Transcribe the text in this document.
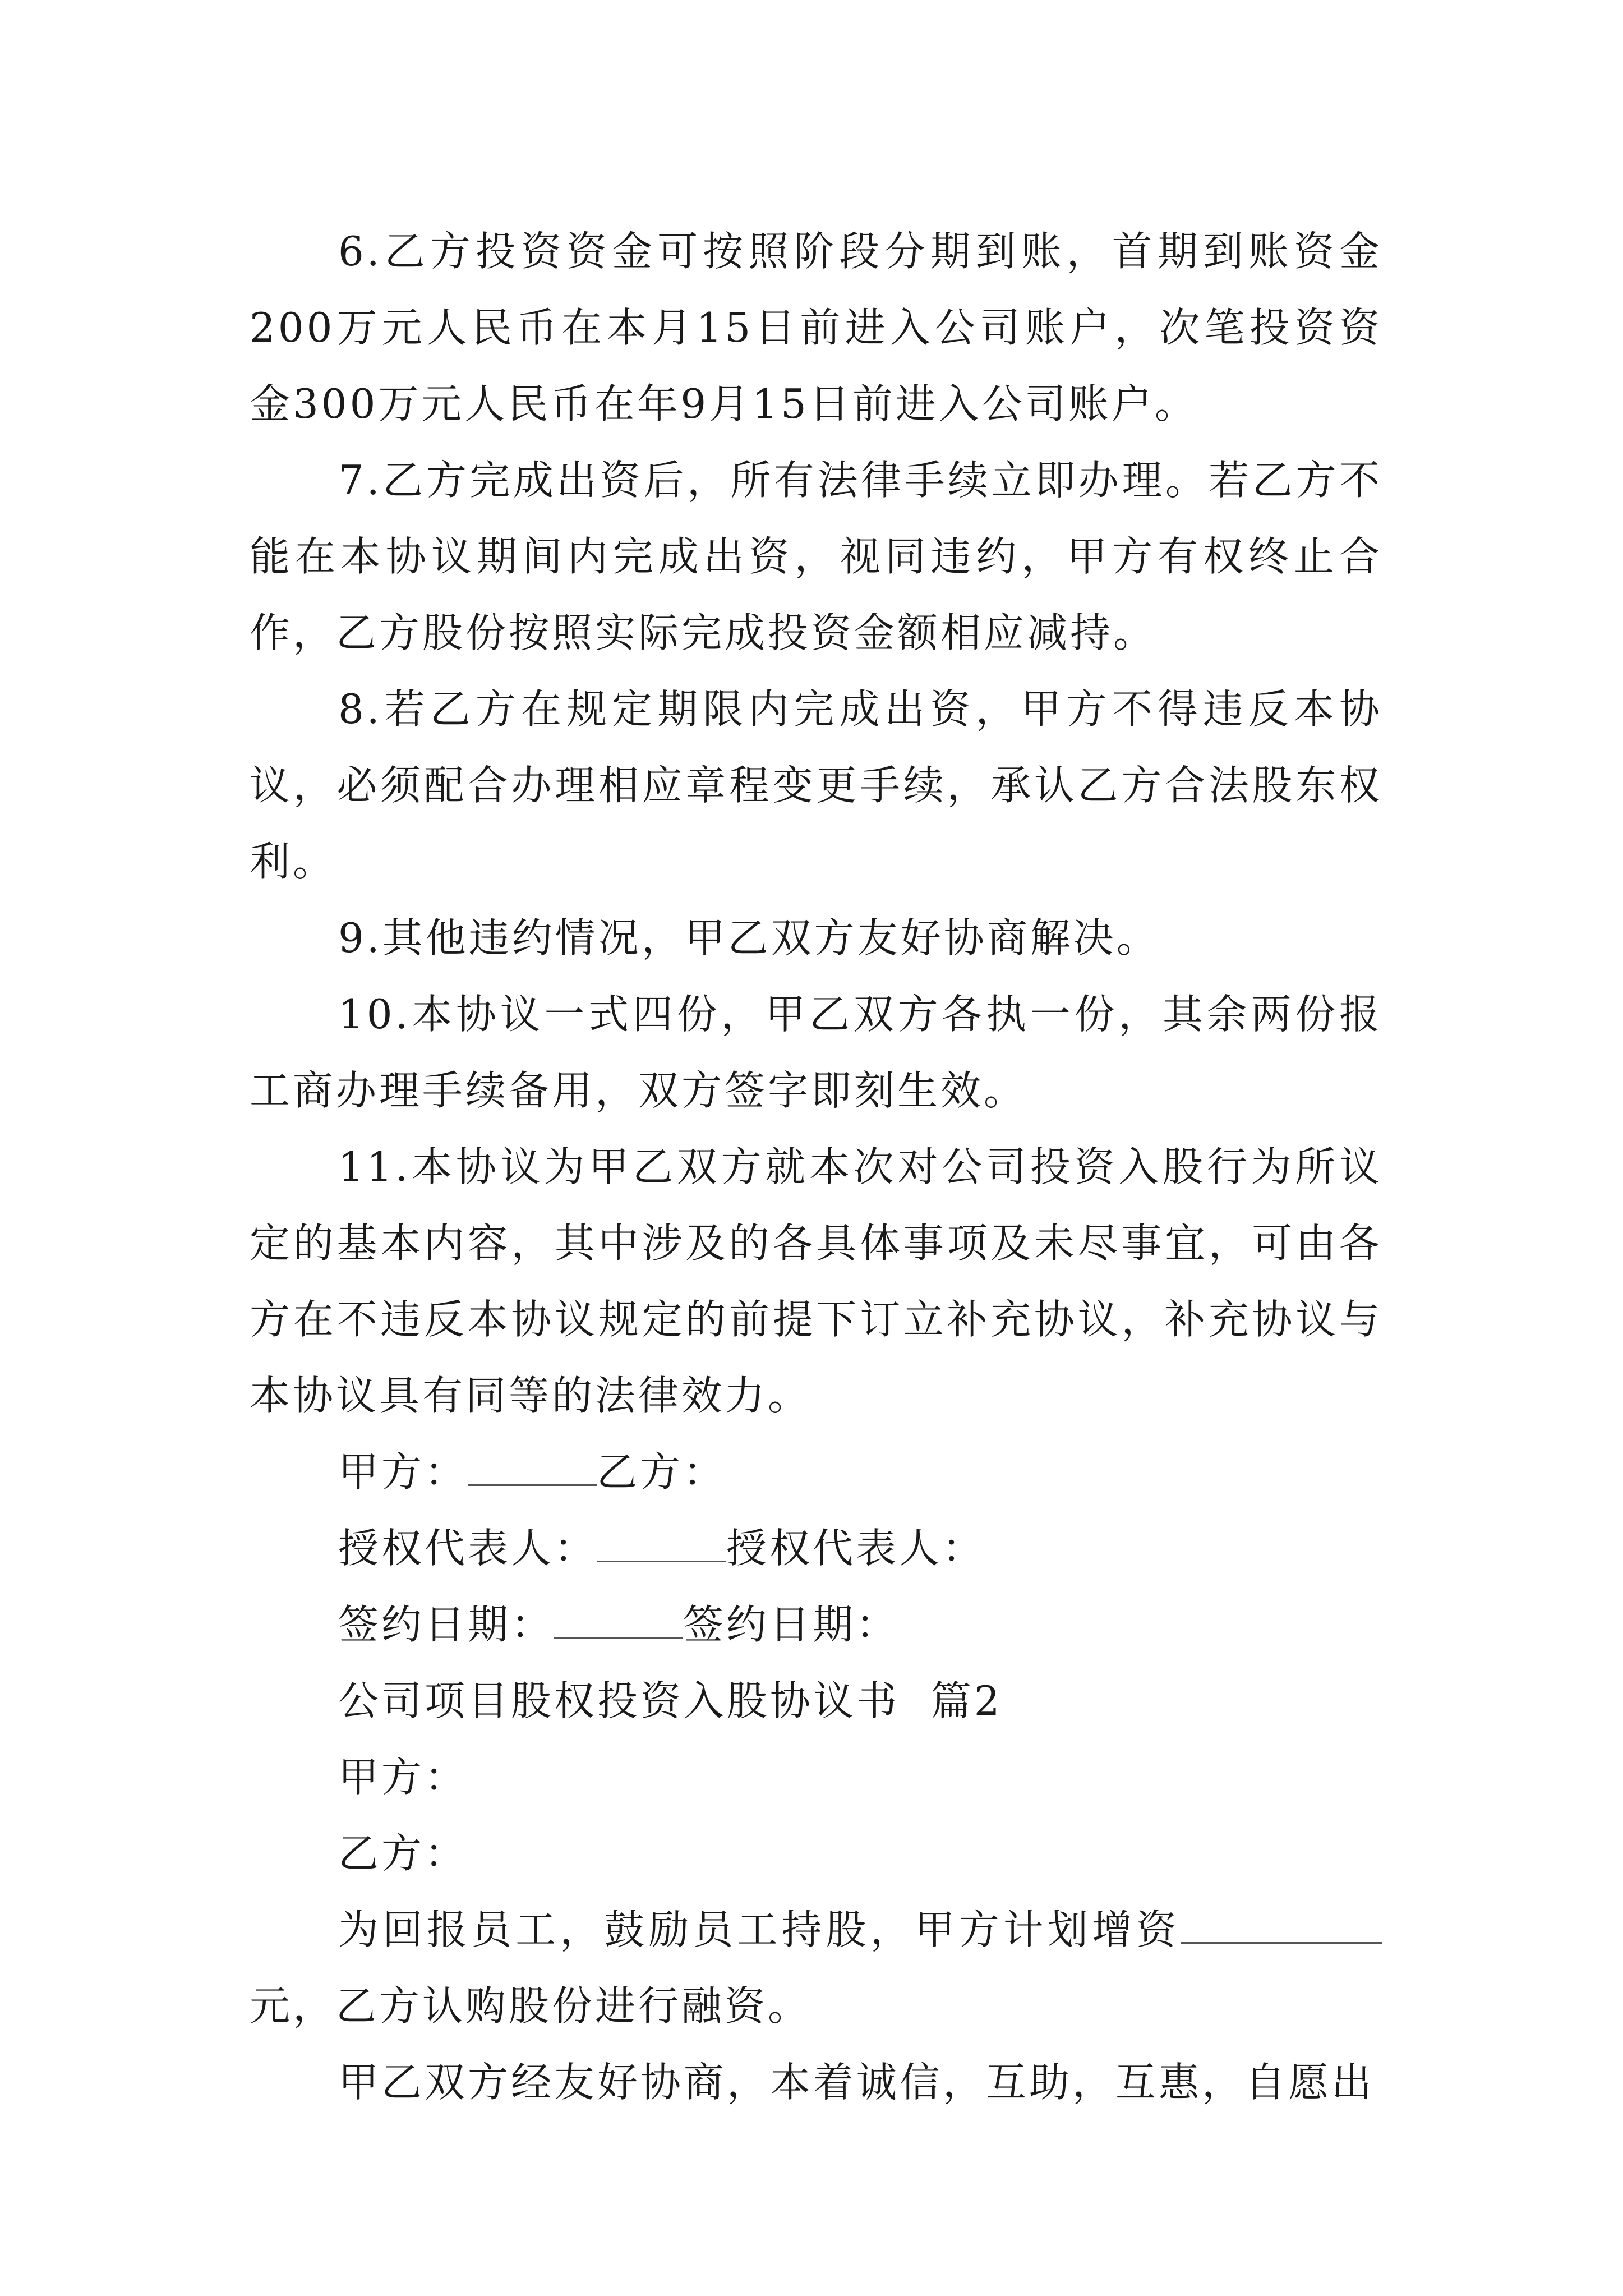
6.乙方投资资金可按照阶段分期到账，首期到账资金200万元人民币在本月15日前进入公司账户，次笔投资资金300万元人民币在年9月15日前进入公司账户。

7.乙方完成出资后，所有法律手续立即办理。若乙方不能在本协议期间内完成出资，视同违约，甲方有权终止合作，乙方股份按照实际完成投资金额相应减持。

8.若乙方在规定期限内完成出资，甲方不得违反本协议，必须配合办理相应章程变更手续，承认乙方合法股东权利。

9.其他违约情况，甲乙双方友好协商解决。

10.本协议一式四份，甲乙双方各执一份，其余两份报工商办理手续备用，双方签字即刻生效。

11.本协议为甲乙双方就本次对公司投资入股行为所议定的基本内容，其中涉及的各具体事项及未尽事宜，可由各方在不违反本协议规定的前提下订立补充协议，补充协议与本协议具有同等的法律效力。

甲方：	乙方：

授权代表人：	授权代表人：

签约日期：	签约日期：

公司项目股权投资入股协议书  篇2

甲方：

乙方：

为回报员工，鼓励员工持股，甲方计划增资元，乙方认购股份进行融资。

甲乙双方经友好协商，本着诚信，互助，互惠，自愿出
